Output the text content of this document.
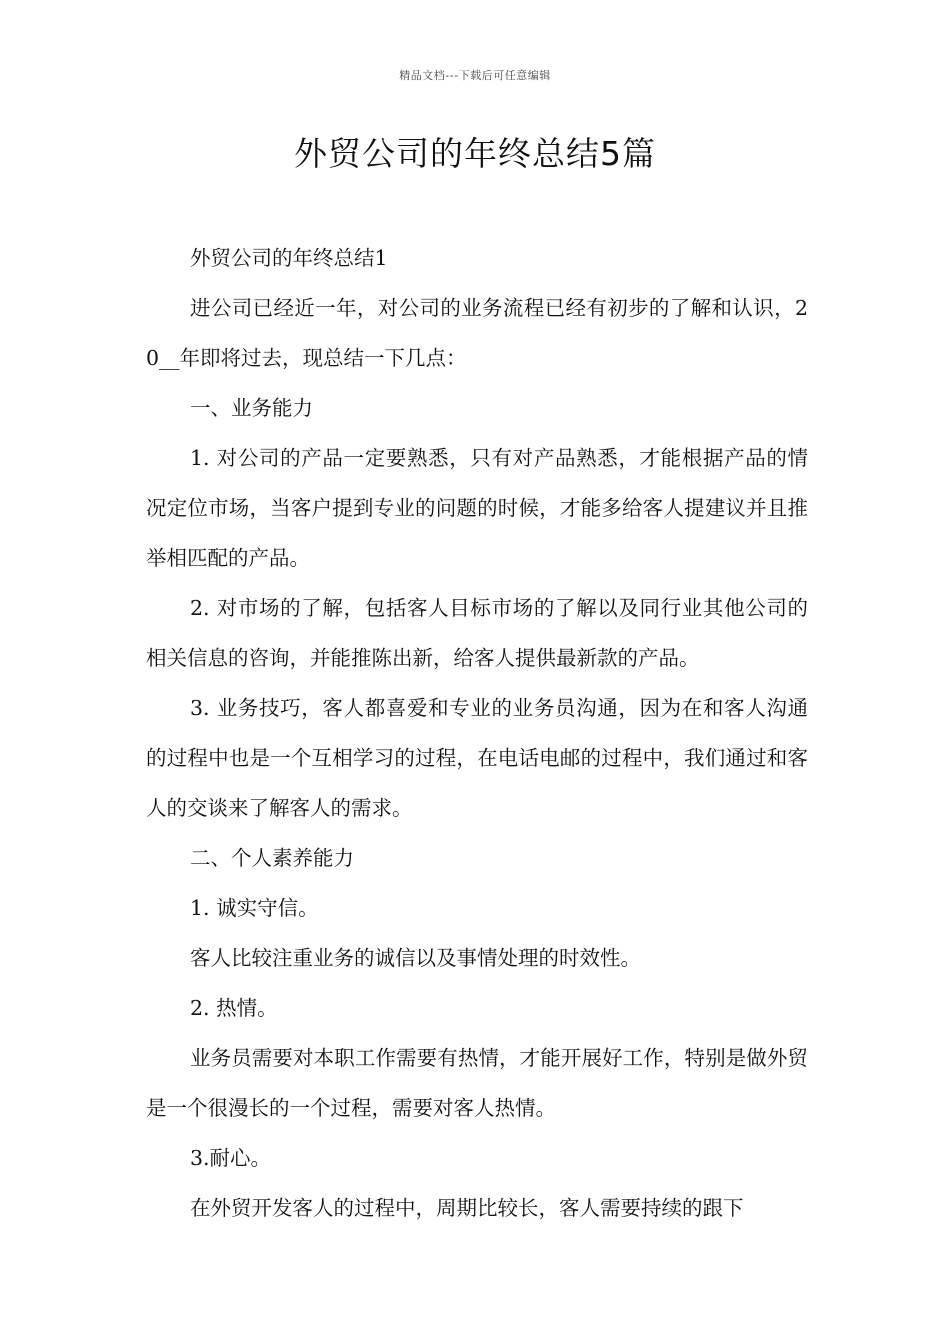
精品文档---下载后可任意编辑
外贸公司的年终总结5篇

外贸公司的年终总结1

进公司已经近一年，对公司的业务流程已经有初步的了解和认识，20__年即将过去，现总结一下几点：

一、业务能力

1. 对公司的产品一定要熟悉，只有对产品熟悉，才能根据产品的情况定位市场，当客户提到专业的问题的时候，才能多给客人提建议并且推举相匹配的产品。

2. 对市场的了解，包括客人目标市场的了解以及同行业其他公司的相关信息的咨询，并能推陈出新，给客人提供最新款的产品。

3. 业务技巧，客人都喜爱和专业的业务员沟通，因为在和客人沟通的过程中也是一个互相学习的过程，在电话电邮的过程中，我们通过和客人的交谈来了解客人的需求。

二、个人素养能力

1. 诚实守信。

客人比较注重业务的诚信以及事情处理的时效性。

2. 热情。

业务员需要对本职工作需要有热情，才能开展好工作，特别是做外贸是一个很漫长的一个过程，需要对客人热情。

3.耐心。

在外贸开发客人的过程中，周期比较长，客人需要持续的跟下
